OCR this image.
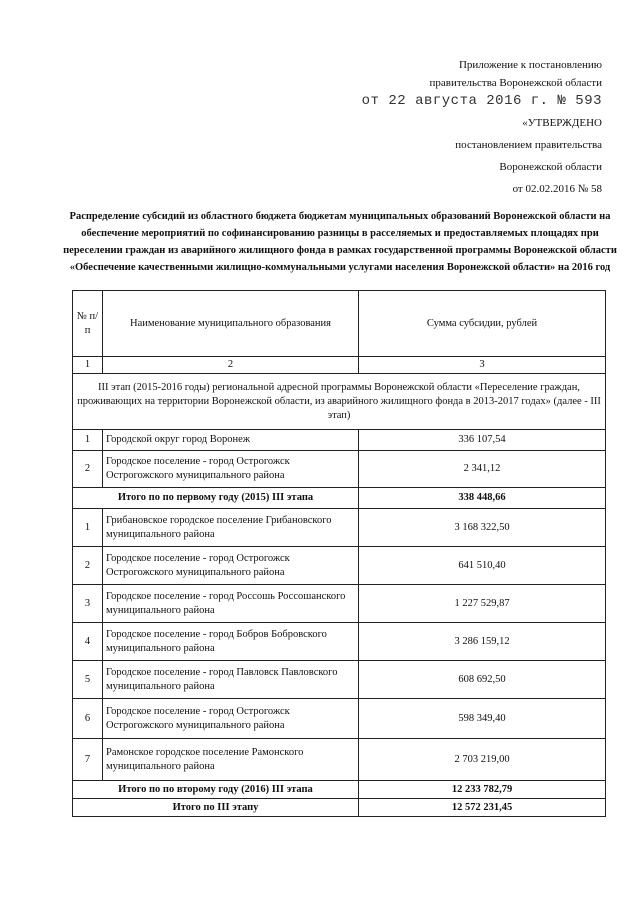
Приложение к постановлению
правительства Воронежской области
от 22 августа 2016 г. № 593
«УТВЕРЖДЕНО
постановлением правительства
Воронежской области
от 02.02.2016 № 58
Распределение субсидий из областного бюджета бюджетам муниципальных образований Воронежской области на обеспечение мероприятий по софинансированию разницы в расселяемых и предоставляемых площадях при переселении граждан из аварийного жилищного фонда в рамках государственной программы Воронежской области «Обеспечение качественными жилищно-коммунальными услугами населения Воронежской области» на 2016 год
№ п/п	Наименование муниципального образования	Сумма субсидии, рублей
1	2	3
III этап (2015-2016 годы) региональной адресной программы Воронежской области «Переселение граждан, проживающих на территории Воронежской области, из аварийного жилищного фонда в 2013-2017 годах» (далее - III этап)		
1	Городской округ город Воронеж	336 107,54
2	Городское поселение - город Острогожск Острогожского муниципального района	2 341,12
Итого по по первому году (2015) III этапа		338 448,66
1	Грибановское городское поселение Грибановского муниципального района	3 168 322,50
2	Городское поселение - город Острогожск Острогожского муниципального района	641 510,40
3	Городское поселение - город Россошь Россошанского муниципального района	1 227 529,87
4	Городское поселение - город Бобров Бобровского муниципального района	3 286 159,12
5	Городское поселение - город Павловск Павловского муниципального района	608 692,50
6	Городское поселение - город Острогожск Острогожского муниципального района	598 349,40
7	Рамонское городское поселение Рамонского муниципального района	2 703 219,00
Итого по по второму году (2016) III этапа		12 233 782,79
Итого по III этапу		12 572 231,45
